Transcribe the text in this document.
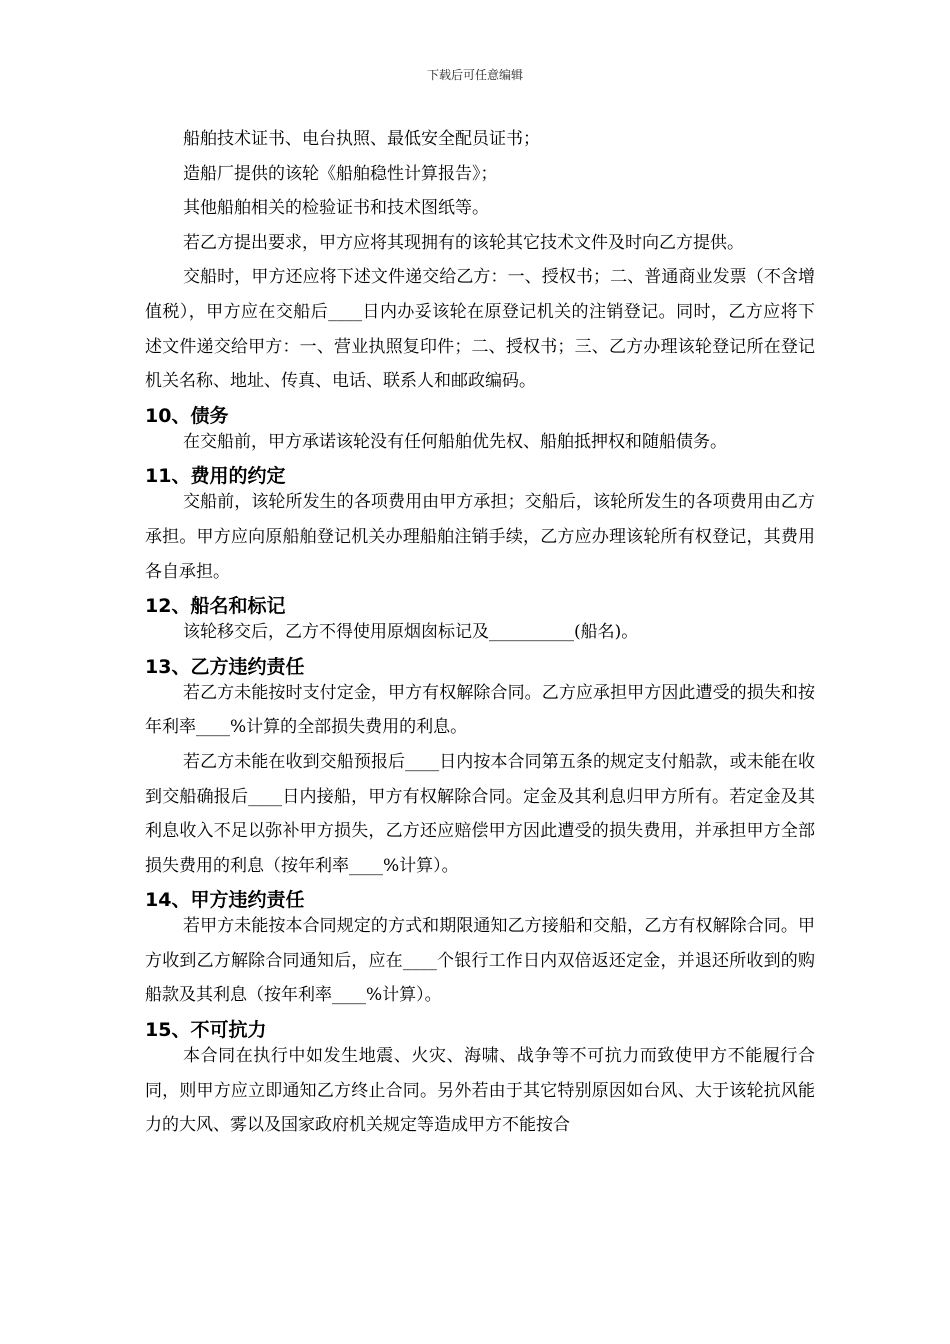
下载后可任意编辑

船舶技术证书、电台执照、最低安全配员证书；

造船厂提供的该轮《船舶稳性计算报告》；

其他船舶相关的检验证书和技术图纸等。

若乙方提出要求，甲方应将其现拥有的该轮其它技术文件及时向乙方提供。

交船时，甲方还应将下述文件递交给乙方：一、授权书；二、普通商业发票（不含增值税），甲方应在交船后____日内办妥该轮在原登记机关的注销登记。同时，乙方应将下述文件递交给甲方：一、营业执照复印件；二、授权书；三、乙方办理该轮登记所在登记机关名称、地址、传真、电话、联系人和邮政编码。

10、债务

在交船前，甲方承诺该轮没有任何船舶优先权、船舶抵押权和随船债务。

11、费用的约定

交船前，该轮所发生的各项费用由甲方承担；交船后，该轮所发生的各项费用由乙方承担。甲方应向原船舶登记机关办理船舶注销手续，乙方应办理该轮所有权登记，其费用各自承担。

12、船名和标记

该轮移交后，乙方不得使用原烟囱标记及__________(船名)。

13、乙方违约责任

若乙方未能按时支付定金，甲方有权解除合同。乙方应承担甲方因此遭受的损失和按年利率____%计算的全部损失费用的利息。

若乙方未能在收到交船预报后____日内按本合同第五条的规定支付船款，或未能在收到交船确报后____日内接船，甲方有权解除合同。定金及其利息归甲方所有。若定金及其利息收入不足以弥补甲方损失，乙方还应赔偿甲方因此遭受的损失费用，并承担甲方全部损失费用的利息（按年利率____%计算）。

14、甲方违约责任

若甲方未能按本合同规定的方式和期限通知乙方接船和交船，乙方有权解除合同。甲方收到乙方解除合同通知后，应在____个银行工作日内双倍返还定金，并退还所收到的购船款及其利息（按年利率____%计算）。

15、不可抗力

本合同在执行中如发生地震、火灾、海啸、战争等不可抗力而致使甲方不能履行合同，则甲方应立即通知乙方终止合同。另外若由于其它特别原因如台风、大于该轮抗风能力的大风、雾以及国家政府机关规定等造成甲方不能按合
